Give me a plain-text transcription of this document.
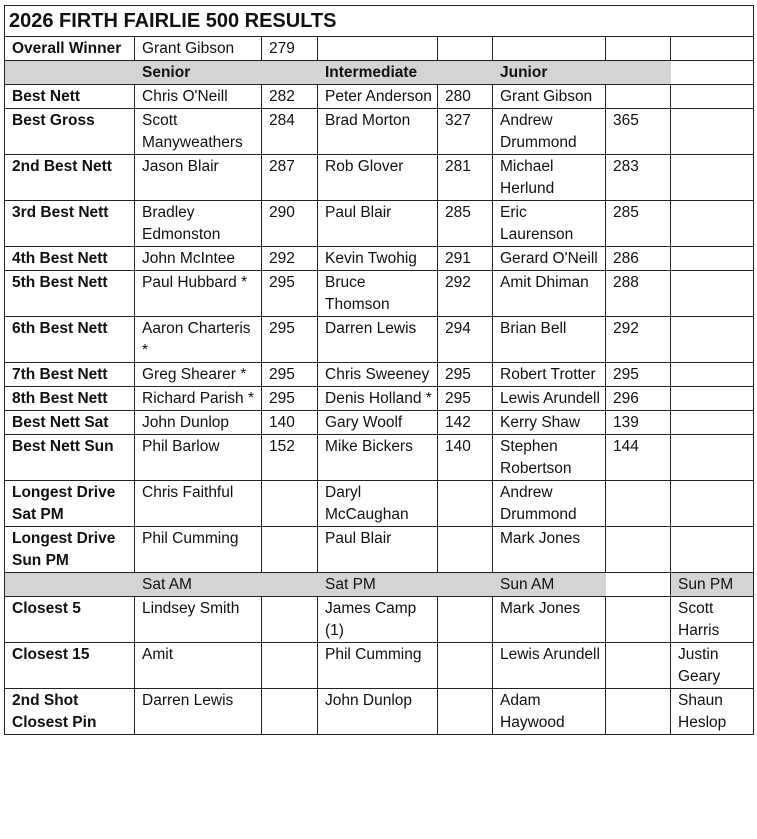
2026 FIRTH FAIRLIE 500 RESULTS							
Overall Winner	Grant Gibson	279					
	Senior		Intermediate		Junior		
Best Nett	Chris O'Neill	282	Peter Anderson	280	Grant Gibson		
Best Gross	Scott Manyweathers	284	Brad Morton	327	Andrew Drummond	365	
2nd Best Nett	Jason Blair	287	Rob Glover	281	Michael Herlund	283	
3rd Best Nett	Bradley Edmonston	290	Paul Blair	285	Eric Laurenson	285	
4th Best Nett	John McIntee	292	Kevin Twohig	291	Gerard O'Neill	286	
5th Best Nett	Paul Hubbard *	295	Bruce Thomson	292	Amit Dhiman	288	
6th Best Nett	Aaron Charteris *	295	Darren Lewis	294	Brian Bell	292	
7th Best Nett	Greg Shearer *	295	Chris Sweeney	295	Robert Trotter	295	
8th Best Nett	Richard Parish *	295	Denis Holland *	295	Lewis Arundell	296	
Best Nett Sat	John Dunlop	140	Gary Woolf	142	Kerry Shaw	139	
Best Nett Sun	Phil Barlow	152	Mike Bickers	140	Stephen Robertson	144	
Longest Drive Sat PM	Chris Faithful		Daryl McCaughan		Andrew Drummond		
Longest Drive Sun PM	Phil Cumming		Paul Blair		Mark Jones		
	Sat AM		Sat PM		Sun AM		Sun PM
Closest 5	Lindsey Smith		James Camp (1)		Mark Jones		Scott Harris
Closest 15	Amit		Phil Cumming		Lewis Arundell		Justin Geary
2nd Shot Closest Pin	Darren Lewis		John Dunlop		Adam Haywood		Shaun Heslop
